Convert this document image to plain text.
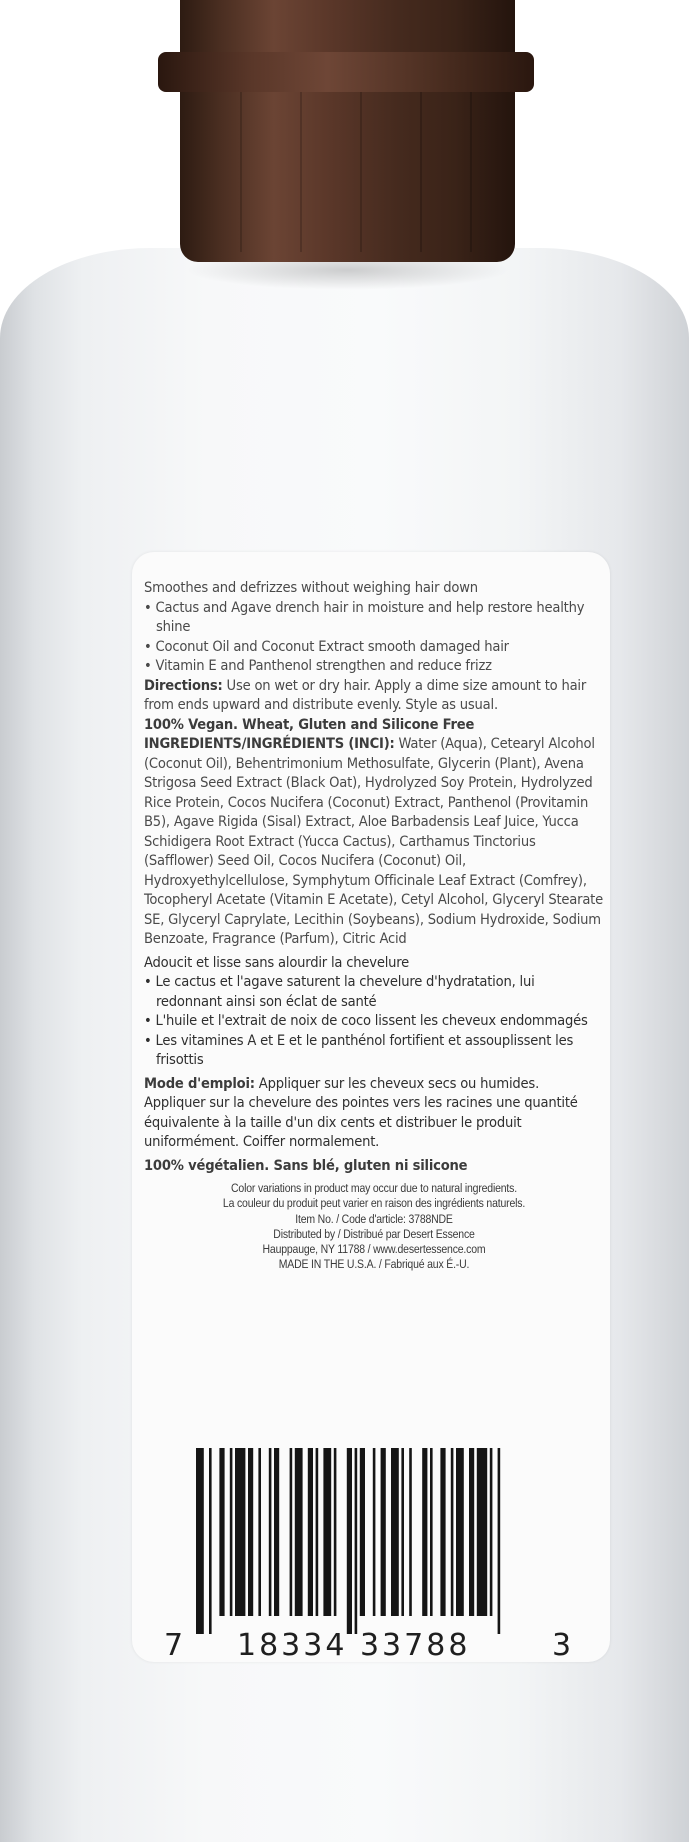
Smoothes and defrizzes without weighing hair down

• Cactus and Agave drench hair in moisture and help restore healthy shine

• Coconut Oil and Coconut Extract smooth damaged hair

• Vitamin E and Panthenol strengthen and reduce frizz

Directions: Use on wet or dry hair. Apply a dime size amount to hair from ends upward and distribute evenly. Style as usual.

100% Vegan. Wheat, Gluten and Silicone Free

INGREDIENTS/INGRÉDIENTS (INCI): Water (Aqua), Cetearyl Alcohol (Coconut Oil), Behentrimonium Methosulfate, Glycerin (Plant), Avena Strigosa Seed Extract (Black Oat), Hydrolyzed Soy Protein, Hydrolyzed Rice Protein, Cocos Nucifera (Coconut) Extract, Panthenol (Provitamin B5), Agave Rigida (Sisal) Extract, Aloe Barbadensis Leaf Juice, Yucca Schidigera Root Extract (Yucca Cactus), Carthamus Tinctorius (Safflower) Seed Oil, Cocos Nucifera (Coconut) Oil, Hydroxyethylcellulose, Symphytum Officinale Leaf Extract (Comfrey), Tocopheryl Acetate (Vitamin E Acetate), Cetyl Alcohol, Glyceryl Stearate SE, Glyceryl Caprylate, Lecithin (Soybeans), Sodium Hydroxide, Sodium Benzoate, Fragrance (Parfum), Citric Acid

Adoucit et lisse sans alourdir la chevelure

• Le cactus et l'agave saturent la chevelure d'hydratation, lui redonnant ainsi son éclat de santé

• L'huile et l'extrait de noix de coco lissent les cheveux endommagés

• Les vitamines A et E et le panthénol fortifient et assouplissent les frisottis

Mode d'emploi: Appliquer sur les cheveux secs ou humides. Appliquer sur la chevelure des pointes vers les racines une quantité équivalente à la taille d'un dix cents et distribuer le produit uniformément. Coiffer normalement.

100% végétalien. Sans blé, gluten ni silicone

Color variations in product may occur due to natural ingredients.

La couleur du produit peut varier en raison des ingrédients naturels.

Item No. / Code d'article: 3788NDE

Distributed by / Distribué par Desert Essence

Hauppauge, NY 11788 / www.desertessence.com

MADE IN THE U.S.A. / Fabriqué aux É.-U.

7 18334 33788	3
